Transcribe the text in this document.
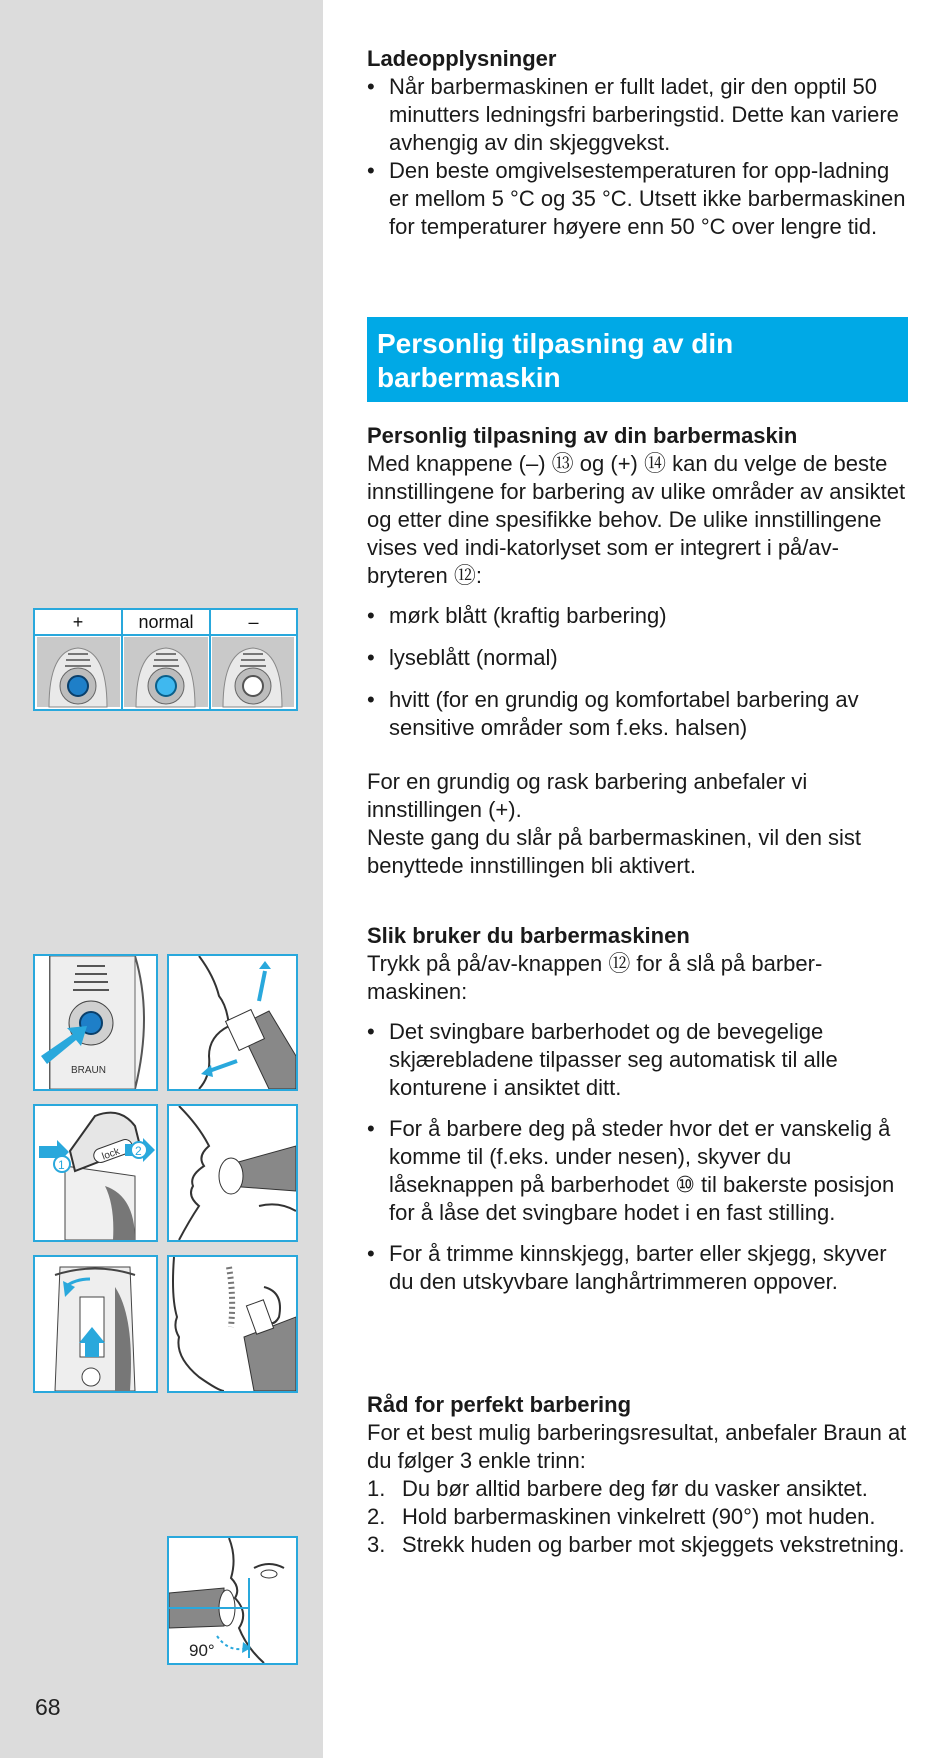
Ladeopplysninger
• Når barbermaskinen er fullt ladet, gir den opptil 50 minutters ledningsfri barberingstid. Dette kan variere avhengig av din skjeggvekst.
• Den beste omgivelsestemperaturen for opp-ladning er mellom 5 °C og 35 °C. Utsett ikke barbermaskinen for temperaturer høyere enn 50 °C over lengre tid.
Personlig tilpasning av din barbermaskin
Personlig tilpasning av din barbermaskin

Med knappene (–) ⑬ og (+) ⑭ kan du velge de beste innstillingene for barbering av ulike områder av ansiktet og etter dine spesifikke behov. De ulike innstillingene vises ved indi-katorlyset som er integrert i på/av-bryteren ⑫:

• mørk blått (kraftig barbering)
• lyseblått (normal)
• hvitt (for en grundig og komfortabel barbering av sensitive områder som f.eks. halsen)

For en grundig og rask barbering anbefaler vi innstillingen (+).

Neste gang du slår på barbermaskinen, vil den sist benyttede innstillingen bli aktivert.

+	normal	–
Slik bruker du barbermaskinen

Trykk på på/av-knappen ⑫ for å slå på barber-maskinen:

• Det svingbare barberhodet og de bevegelige skjærebladene tilpasser seg automatisk til alle konturene i ansiktet ditt.
• For å barbere deg på steder hvor det er vanskelig å komme til (f.eks. under nesen), skyver du låseknappen på barberhodet ⑩ til bakerste posisjon for å låse det svingbare hodet i en fast stilling.
• For å trimme kinnskjegg, barter eller skjegg, skyver du den utskyvbare langhårtrimmeren oppover.
BRAUN
lock
1
2
Råd for perfekt barbering

For et best mulig barberingsresultat, anbefaler Braun at du følger 3 enkle trinn:

1. Du bør alltid barbere deg før du vasker ansiktet.
2. Hold barbermaskinen vinkelrett (90°) mot huden.
3. Strekk huden og barber mot skjeggets vekstretning.
90°
68
